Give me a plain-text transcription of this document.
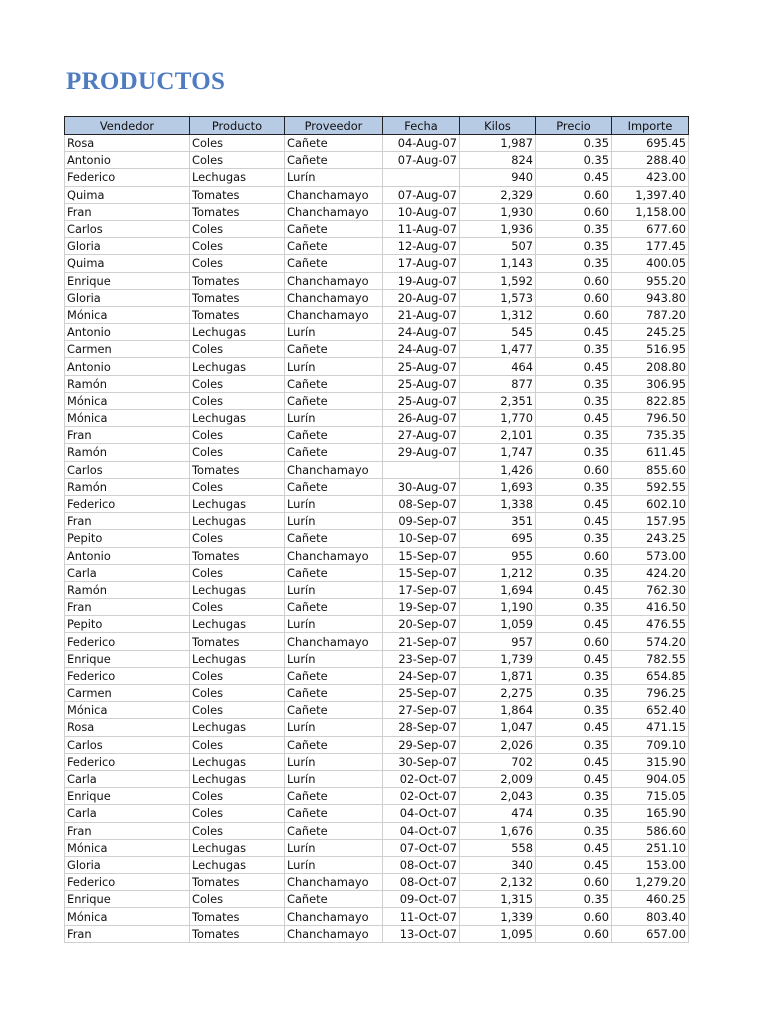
PRODUCTOS
Vendedor	Producto	Proveedor	Fecha	Kilos	Precio	Importe
Rosa	Coles	Cañete	04-Aug-07	1,987	0.35	695.45
Antonio	Coles	Cañete	07-Aug-07	824	0.35	288.40
Federico	Lechugas	Lurín		940	0.45	423.00
Quima	Tomates	Chanchamayo	07-Aug-07	2,329	0.60	1,397.40
Fran	Tomates	Chanchamayo	10-Aug-07	1,930	0.60	1,158.00
Carlos	Coles	Cañete	11-Aug-07	1,936	0.35	677.60
Gloria	Coles	Cañete	12-Aug-07	507	0.35	177.45
Quima	Coles	Cañete	17-Aug-07	1,143	0.35	400.05
Enrique	Tomates	Chanchamayo	19-Aug-07	1,592	0.60	955.20
Gloria	Tomates	Chanchamayo	20-Aug-07	1,573	0.60	943.80
Mónica	Tomates	Chanchamayo	21-Aug-07	1,312	0.60	787.20
Antonio	Lechugas	Lurín	24-Aug-07	545	0.45	245.25
Carmen	Coles	Cañete	24-Aug-07	1,477	0.35	516.95
Antonio	Lechugas	Lurín	25-Aug-07	464	0.45	208.80
Ramón	Coles	Cañete	25-Aug-07	877	0.35	306.95
Mónica	Coles	Cañete	25-Aug-07	2,351	0.35	822.85
Mónica	Lechugas	Lurín	26-Aug-07	1,770	0.45	796.50
Fran	Coles	Cañete	27-Aug-07	2,101	0.35	735.35
Ramón	Coles	Cañete	29-Aug-07	1,747	0.35	611.45
Carlos	Tomates	Chanchamayo		1,426	0.60	855.60
Ramón	Coles	Cañete	30-Aug-07	1,693	0.35	592.55
Federico	Lechugas	Lurín	08-Sep-07	1,338	0.45	602.10
Fran	Lechugas	Lurín	09-Sep-07	351	0.45	157.95
Pepito	Coles	Cañete	10-Sep-07	695	0.35	243.25
Antonio	Tomates	Chanchamayo	15-Sep-07	955	0.60	573.00
Carla	Coles	Cañete	15-Sep-07	1,212	0.35	424.20
Ramón	Lechugas	Lurín	17-Sep-07	1,694	0.45	762.30
Fran	Coles	Cañete	19-Sep-07	1,190	0.35	416.50
Pepito	Lechugas	Lurín	20-Sep-07	1,059	0.45	476.55
Federico	Tomates	Chanchamayo	21-Sep-07	957	0.60	574.20
Enrique	Lechugas	Lurín	23-Sep-07	1,739	0.45	782.55
Federico	Coles	Cañete	24-Sep-07	1,871	0.35	654.85
Carmen	Coles	Cañete	25-Sep-07	2,275	0.35	796.25
Mónica	Coles	Cañete	27-Sep-07	1,864	0.35	652.40
Rosa	Lechugas	Lurín	28-Sep-07	1,047	0.45	471.15
Carlos	Coles	Cañete	29-Sep-07	2,026	0.35	709.10
Federico	Lechugas	Lurín	30-Sep-07	702	0.45	315.90
Carla	Lechugas	Lurín	02-Oct-07	2,009	0.45	904.05
Enrique	Coles	Cañete	02-Oct-07	2,043	0.35	715.05
Carla	Coles	Cañete	04-Oct-07	474	0.35	165.90
Fran	Coles	Cañete	04-Oct-07	1,676	0.35	586.60
Mónica	Lechugas	Lurín	07-Oct-07	558	0.45	251.10
Gloria	Lechugas	Lurín	08-Oct-07	340	0.45	153.00
Federico	Tomates	Chanchamayo	08-Oct-07	2,132	0.60	1,279.20
Enrique	Coles	Cañete	09-Oct-07	1,315	0.35	460.25
Mónica	Tomates	Chanchamayo	11-Oct-07	1,339	0.60	803.40
Fran	Tomates	Chanchamayo	13-Oct-07	1,095	0.60	657.00
